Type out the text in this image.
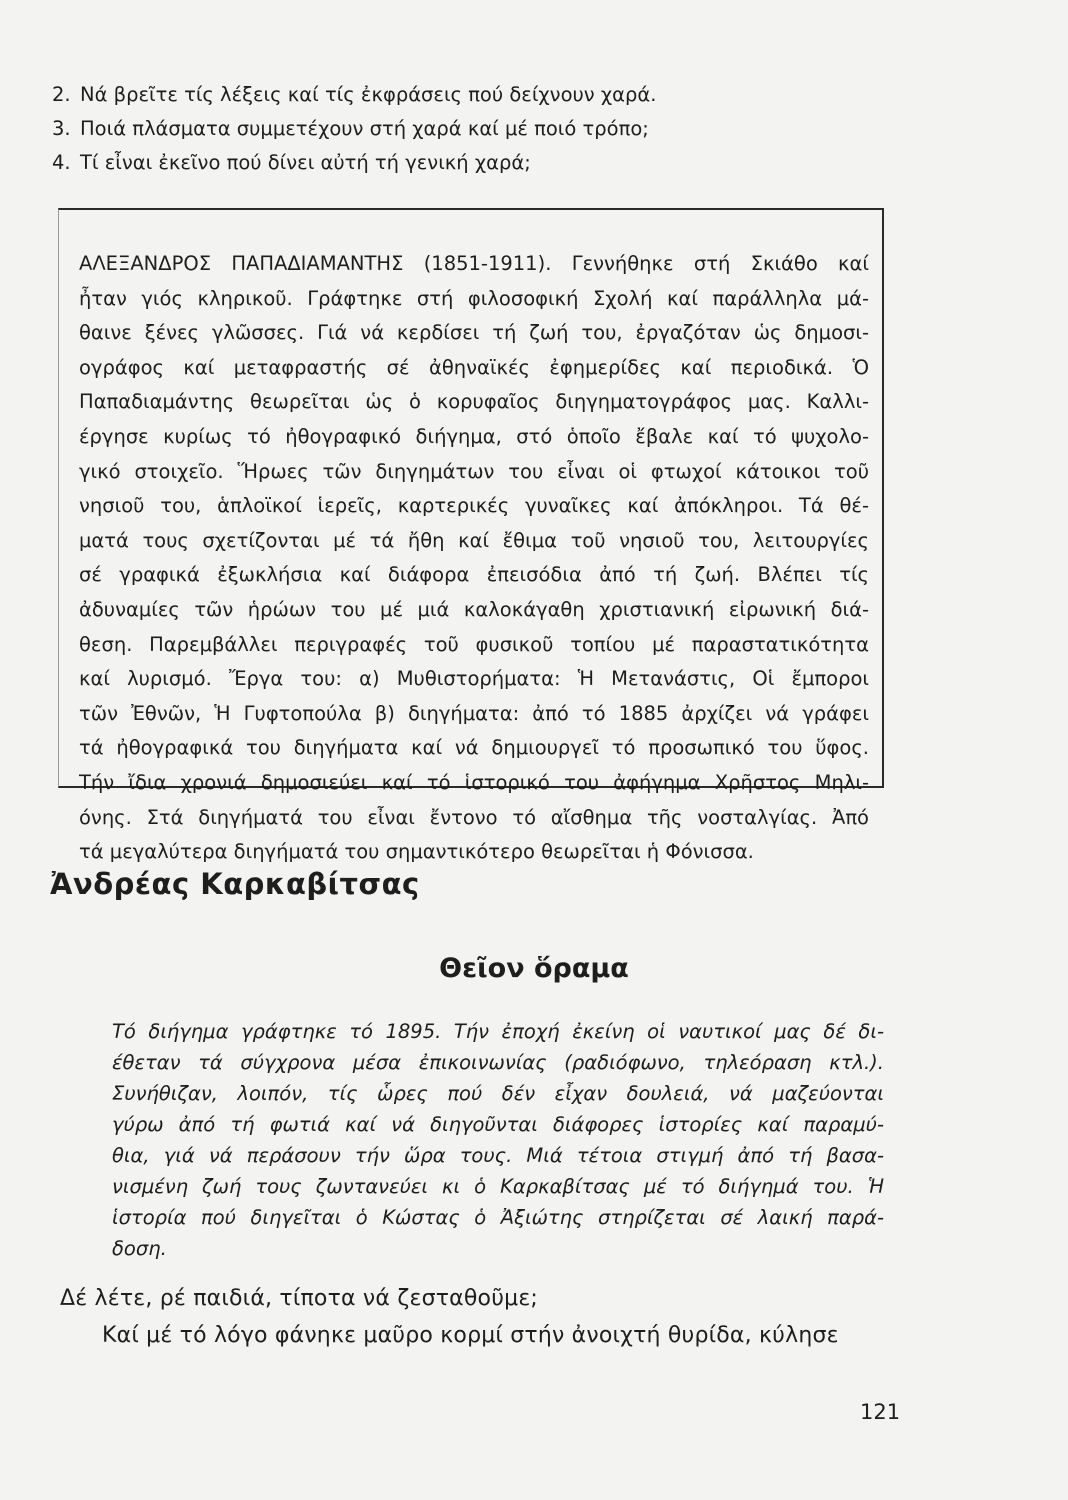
2. Νά βρεῖτε τίς λέξεις καί τίς ἐκφράσεις πού δείχνουν χαρά.
3. Ποιά πλάσματα συμμετέχουν στή χαρά καί μέ ποιό τρόπο;
4. Τί εἶναι ἐκεῖνο πού δίνει αὐτή τή γενική χαρά;
ΑΛΕΞΑΝΔΡΟΣ ΠΑΠΑΔΙΑΜΑΝΤΗΣ (1851-1911). Γεννήθηκε στή Σκιάθο καί
ἦταν γιός κληρικοῦ. Γράφτηκε στή φιλοσοφική Σχολή καί παράλληλα μά-
θαινε ξένες γλῶσσες. Γιά νά κερδίσει τή ζωή του, ἐργαζόταν ὡς δημοσι-
ογράφος καί μεταφραστής σέ ἀθηναϊκές ἐφημερίδες καί περιοδικά. Ὁ
Παπαδιαμάντης θεωρεῖται ὡς ὁ κορυφαῖος διηγηματογράφος μας. Καλλι-
έργησε κυρίως τό ἠθογραφικό διήγημα, στό ὁποῖο ἔβαλε καί τό ψυχολο-
γικό στοιχεῖο. Ἥρωες τῶν διηγημάτων του εἶναι οἱ φτωχοί κάτοικοι τοῦ
νησιοῦ του, ἁπλοϊκοί ἱερεῖς, καρτερικές γυναῖκες καί ἀπόκληροι. Τά θέ-
ματά τους σχετίζονται μέ τά ἤθη καί ἔθιμα τοῦ νησιοῦ του, λειτουργίες
σέ γραφικά ἐξωκλήσια καί διάφορα ἐπεισόδια ἀπό τή ζωή. Βλέπει τίς
ἀδυναμίες τῶν ἡρώων του μέ μιά καλοκάγαθη χριστιανική εἰρωνική διά-
θεση. Παρεμβάλλει περιγραφές τοῦ φυσικοῦ τοπίου μέ παραστατικότητα
καί λυρισμό. Ἔργα του: α) Μυθιστορήματα: Ἡ Μετανάστις, Οἱ ἔμποροι
τῶν Ἐθνῶν, Ἡ Γυφτοπούλα β) διηγήματα: ἀπό τό 1885 ἀρχίζει νά γράφει
τά ἠθογραφικά του διηγήματα καί νά δημιουργεῖ τό προσωπικό του ὕφος.
Τήν ἴδια χρονιά δημοσιεύει καί τό ἱστορικό του ἀφήγημα Χρῆστος Μηλι-
όνης. Στά διηγήματά του εἶναι ἔντονο τό αἴσθημα τῆς νοσταλγίας. Ἀπό
τά μεγαλύτερα διηγήματά του σημαντικότερο θεωρεῖται ἡ Φόνισσα.
Ἀνδρέας Καρκαβίτσας
Θεῖον ὅραμα
Τό διήγημα γράφτηκε τό 1895. Τήν ἐποχή ἐκείνη οἱ ναυτικοί μας δέ δι-
έθεταν τά σύγχρονα μέσα ἐπικοινωνίας (ραδιόφωνο, τηλεόραση κτλ.).
Συνήθιζαν, λοιπόν, τίς ὧρες πού δέν εἶχαν δουλειά, νά μαζεύονται
γύρω ἀπό τή φωτιά καί νά διηγοῦνται διάφορες ἱστορίες καί παραμύ-
θια, γιά νά περάσουν τήν ὥρα τους. Μιά τέτοια στιγμή ἀπό τή βασα-
νισμένη ζωή τους ζωντανεύει κι ὁ Καρκαβίτσας μέ τό διήγημά του. Ἡ
ἱστορία πού διηγεῖται ὁ Κώστας ὁ Ἀξιώτης στηρίζεται σέ λαική παρά-
δοση.
Δέ λέτε, ρέ παιδιά, τίποτα νά ζεσταθοῦμε;
Καί μέ τό λόγο φάνηκε μαῦρο κορμί στήν ἀνοιχτή θυρίδα, κύλησε
121
